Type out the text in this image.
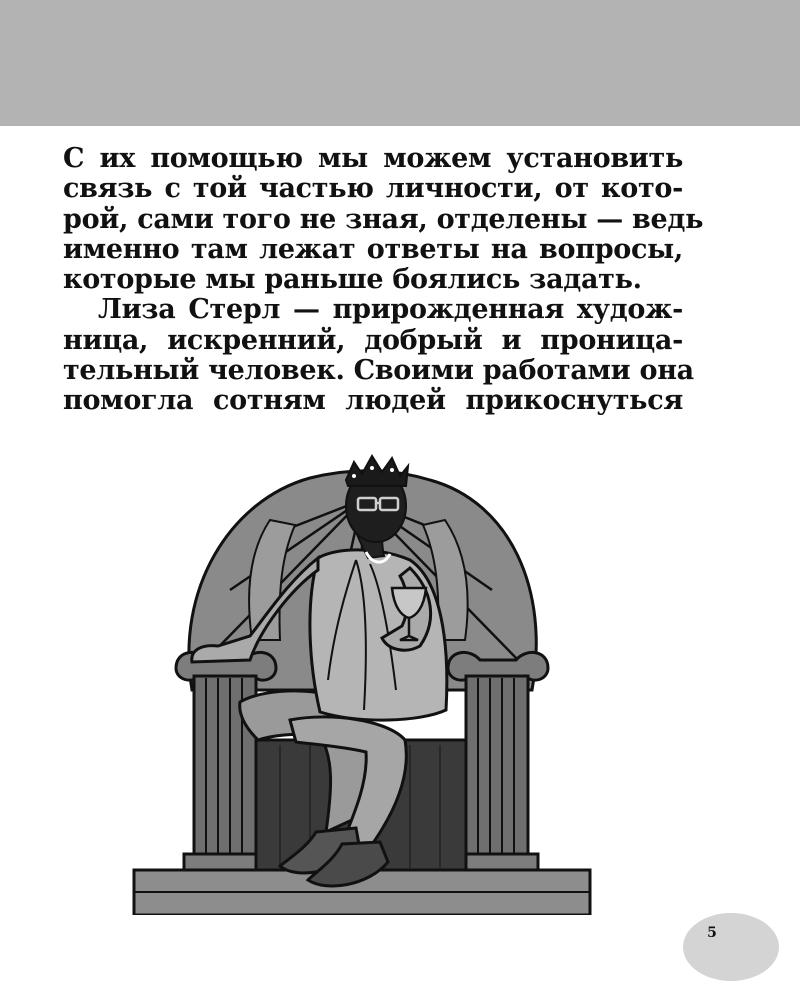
С их помощью мы можем установить
связь с той частью личности, от кото-
рой, сами того не зная, отделены — ведь
именно там лежат ответы на вопросы,
которые мы раньше боялись задать.
Лиза Стерл — прирожденная худож-
ница, искренний, добрый и проница-
тельный человек. Своими работами она
помогла сотням людей прикоснуться
5
